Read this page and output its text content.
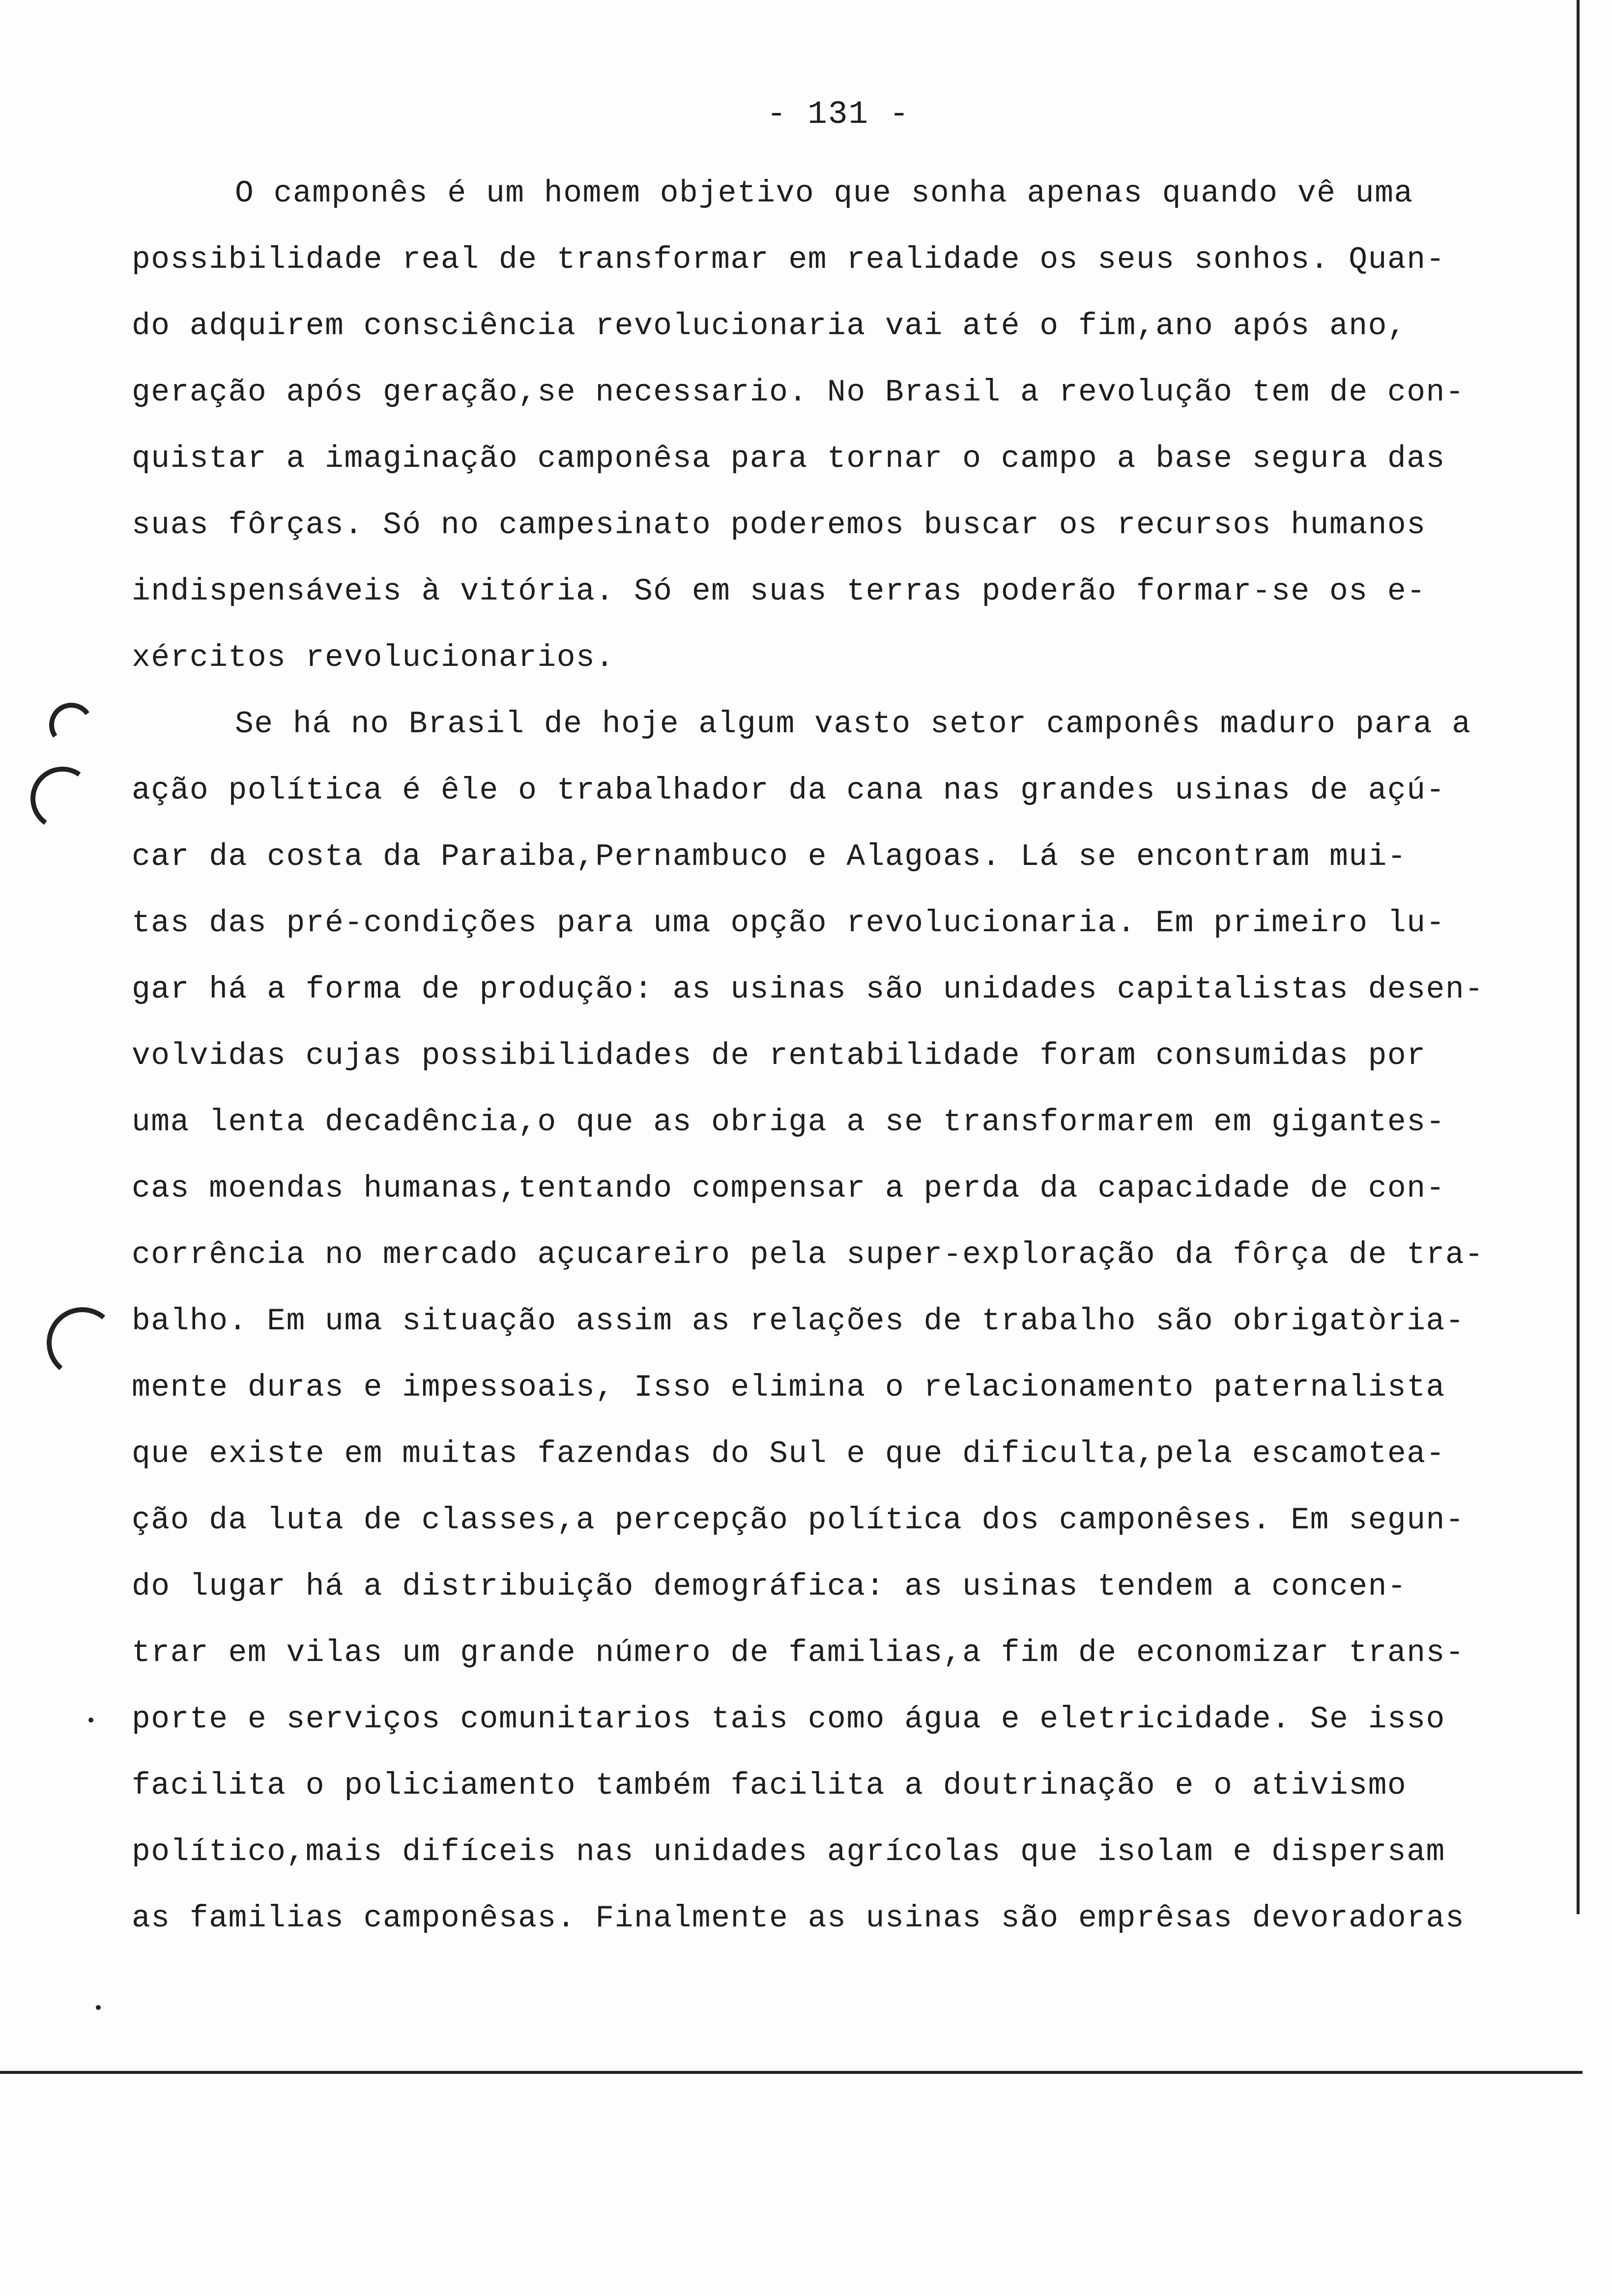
- 131 -
O camponês é um homem objetivo que sonha apenas quando vê uma
possibilidade real de transformar em realidade os seus sonhos. Quan-
do adquirem consciência revolucionaria vai até o fim,ano após ano,
geração após geração,se necessario. No Brasil a revolução tem de con-
quistar a imaginação camponêsa para tornar o campo a base segura das
suas fôrças. Só no campesinato poderemos buscar os recursos humanos
indispensáveis à vitória. Só em suas terras poderão formar-se os e-
xércitos revolucionarios.
Se há no Brasil de hoje algum vasto setor camponês maduro para a
ação política é êle o trabalhador da cana nas grandes usinas de açú-
car da costa da Paraiba,Pernambuco e Alagoas. Lá se encontram mui-
tas das pré-condições para uma opção revolucionaria. Em primeiro lu-
gar há a forma de produção: as usinas são unidades capitalistas desen-
volvidas cujas possibilidades de rentabilidade foram consumidas por
uma lenta decadência,o que as obriga a se transformarem em gigantes-
cas moendas humanas,tentando compensar a perda da capacidade de con-
corrência no mercado açucareiro pela super-exploração da fôrça de tra-
balho. Em uma situação assim as relações de trabalho são obrigatòria-
mente duras e impessoais, Isso elimina o relacionamento paternalista
que existe em muitas fazendas do Sul e que dificulta,pela escamotea-
ção da luta de classes,a percepção política dos camponêses. Em segun-
do lugar há a distribuição demográfica: as usinas tendem a concen-
trar em vilas um grande número de familias,a fim de economizar trans-
porte e serviços comunitarios tais como água e eletricidade. Se isso
facilita o policiamento também facilita a doutrinação e o ativismo
político,mais difíceis nas unidades agrícolas que isolam e dispersam
as familias camponêsas. Finalmente as usinas são emprêsas devoradoras
